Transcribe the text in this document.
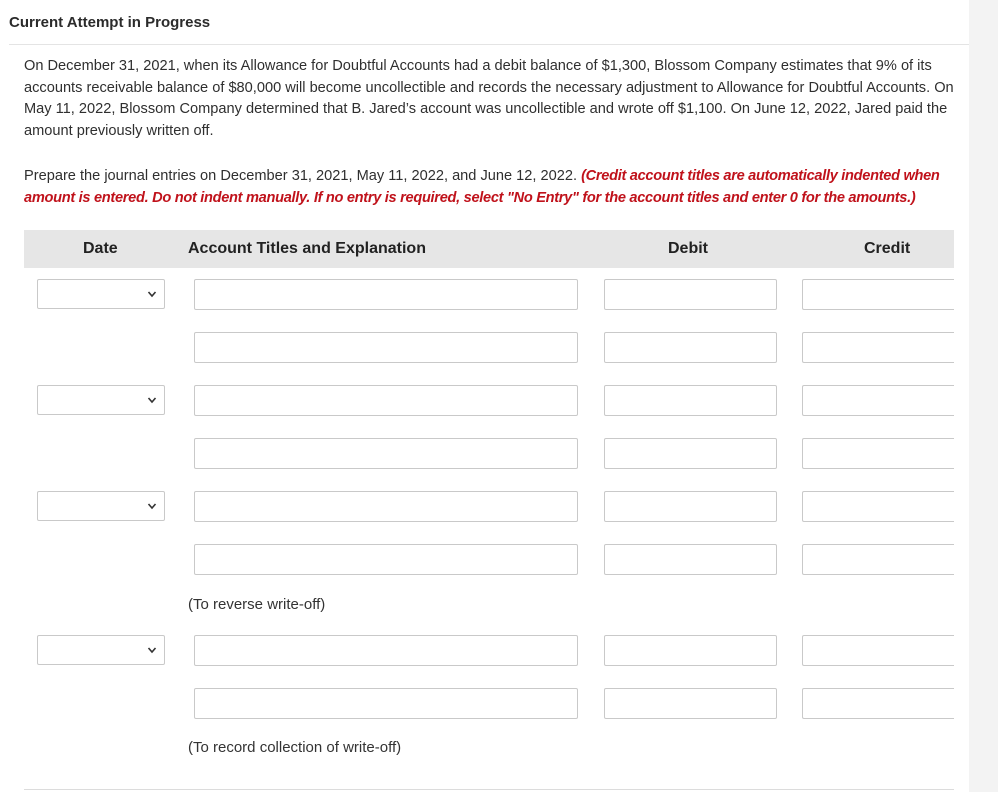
Current Attempt in Progress
On December 31, 2021, when its Allowance for Doubtful Accounts had a debit balance of $1,300, Blossom Company estimates that 9% of its accounts receivable balance of $80,000 will become uncollectible and records the necessary adjustment to Allowance for Doubtful Accounts. On May 11, 2022, Blossom Company determined that B. Jared’s account was uncollectible and wrote off $1,100. On June 12, 2022, Jared paid the amount previously written off.
Prepare the journal entries on December 31, 2021, May 11, 2022, and June 12, 2022. (Credit account titles are automatically indented when amount is entered. Do not indent manually. If no entry is required, select "No Entry" for the account titles and enter 0 for the amounts.)
Date	Account Titles and Explanation	Debit	Credit
(To reverse write-off)
(To record collection of write-off)
